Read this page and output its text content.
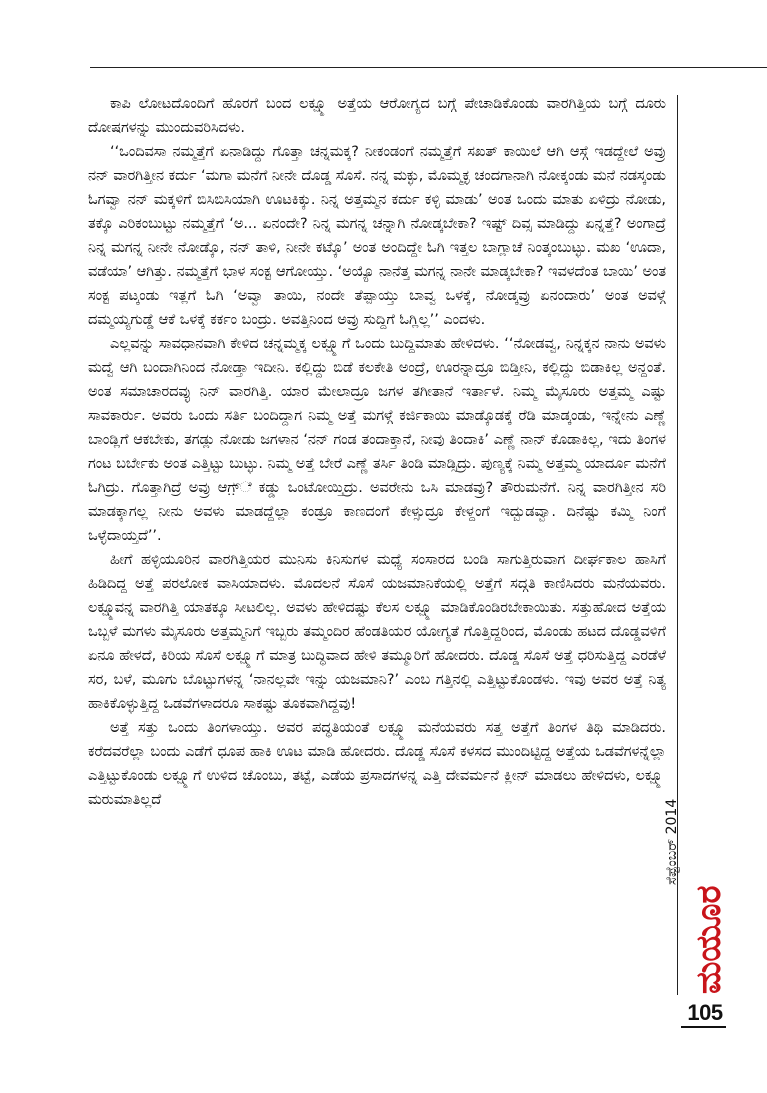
ಕಾಪಿ ಲೋಟದೊಂದಿಗೆ ಹೊರಗೆ ಬಂದ ಲಕ್ಷ್ಮೂ ಅತ್ತೆಯ ಆರೋಗ್ಯದ ಬಗ್ಗೆ ಪೇಚಾಡಿಕೊಂಡು ವಾರಗಿತ್ತಿಯ ಬಗ್ಗೆ ದೂರು ದೋಷಗಳನ್ನು ಮುಂದುವರಿಸಿದಳು.

‘‘ಒಂದಿವಸಾ ನಮ್ಮತ್ತೆಗೆ ಏನಾಡಿದ್ದು ಗೊತ್ತಾ ಚನ್ನಮಕ್ಕ? ನೀಕಂಡಂಗೆ ನಮ್ಮತ್ತೆಗೆ ಸಖತ್ ಕಾಯಿಲೆ ಆಗಿ ಆಸ್ಗೆ ಇಡದ್ದೇಲೆ ಅವ್ರು ನನ್ ವಾರಗಿತ್ತೀನ ಕರ್ದು ‘ಮಗಾ ಮನೆಗೆ ನೀನೇ ದೊಡ್ಡ ಸೊಸೆ. ನನ್ನ ಮಕ್ಳು, ಮೊಮ್ಮಕ್ಳ ಚಂದಗಾನಾಗಿ ನೋಕ್ಕಂಡು ಮನೆ ನಡಸ್ಕಂಡು ಓಗವ್ವಾ ನನ್ ಮಕ್ಕಳಿಗೆ ಬಿಸಿಬಿಸಿಯಾಗಿ ಊಟಕಿಕ್ಕು. ನಿನ್ನ ಅತ್ತಮ್ಮನ ಕರ್ದು ಕಳ್ಳಿ ಮಾಡು’ ಅಂತ ಒಂದು ಮಾತು ಏಳಿದ್ರು ನೋಡು, ತಕ್ಕೊ ಎರಿಕಂಬುಟ್ಟು ನಮ್ಮತ್ತೆಗೆ ‘ಅ... ಏನಂದೇ? ನಿನ್ನ ಮಗನ್ನ ಚನ್ನಾಗಿ ನೋಡ್ಕಬೇಕಾ? ಇಷ್ಟ್ ದಿವ್ಸ ಮಾಡಿದ್ದು ಏನ್ನತ್ತೆ? ಅಂಗಾದ್ರೆ ನಿನ್ನ ಮಗನ್ನ ನೀನೇ ನೋಡ್ಕೊ, ನನ್ ತಾಳಿ, ನೀನೇ ಕಟ್ಕೊ’ ಅಂತ ಅಂದಿದ್ದೇ ಓಗಿ ಇತ್ತಲ ಬಾಗ್ಲಾಚೆ ನಿಂತ್ಕಂಬುಟ್ಳು. ಮಖ ‘ಊದಾ, ವಡೆಯಾ’ ಆಗಿತ್ತು. ನಮ್ಮತ್ತೆಗೆ ಭಾಳ ಸಂಕ್ಟ ಆಗೋಯ್ತು. ‘ಅಯ್ಯೊ ನಾನೆತ್ತ ಮಗನ್ನ ನಾನೇ ಮಾಡ್ಕಬೇಕಾ? ಇವಳದೆಂತ ಬಾಯಿ’ ಅಂತ ಸಂಕ್ಟ ಪಟ್ಕಂಡು ಇತ್ಲಗೆ ಓಗಿ ‘ಅವ್ವಾ ತಾಯಿ, ನಂದೇ ತೆಪ್ಪಾಯ್ತು ಬಾವ್ವ ಒಳಕ್ಕೆ, ನೋಡ್ಕವ್ರು ಏನಂದಾರು’ ಅಂತ ಅವಳ್ಗೆ ದಮ್ಮಯ್ಯಗುಡ್ಡೆ ಆಕೆ ಒಳಕ್ಕೆ ಕರ್ಕಂ ಬಂದ್ರು. ಅವತ್ತಿನಿಂದ ಅವ್ರು ಸುದ್ದಿಗೆ ಓಗ್ಲಿಲ್ಲ’’ ಎಂದಳು.

ಎಲ್ಲವನ್ನು ಸಾವಧಾನವಾಗಿ ಕೇಳಿದ ಚನ್ನಮ್ಮಕ್ಕ ಲಕ್ಷ್ಮೂಗೆ ಒಂದು ಬುದ್ದಿಮಾತು ಹೇಳಿದಳು. ‘‘ನೋಡವ್ವ, ನಿನ್ನಕ್ಕನ ನಾನು ಅವಳು ಮದ್ವೆ ಆಗಿ ಬಂದಾಗಿನಿಂದ ನೋಡ್ತಾ ಇದೀನಿ. ಕಲ್ಲಿದ್ದು ಬಿಡೆ ಕಲಕೇತಿ ಅಂದ್ರೆ, ಊರನ್ನಾದ್ರೂ ಬಿಡ್ತೀನಿ, ಕಲ್ಲಿದ್ದು ಬಿಡಾಕಿಲ್ಲ ಅನ್ದಂತೆ. ಅಂತ ಸಮಾಚಾರದವ್ಳು ನಿನ್ ವಾರಗಿತ್ತಿ. ಯಾರ ಮೇಲಾದ್ರೂ ಜಗಳ ತಗೀತಾನೆ ಇರ್ತಾಳೆ. ನಿಮ್ಮ ಮೈಸೂರು ಅತ್ತಮ್ಮ ಎಷ್ಟು ಸಾವಕಾರ್ರು. ಅವರು ಒಂದು ಸರ್ತಿ ಬಂದಿದ್ದಾಗ ನಿಮ್ಮ ಅತ್ತೆ ಮಗಳ್ಗೆ ಕರ್ಜಿಕಾಯಿ ಮಾಡ್ಕೊಡಕ್ಕೆ ರೆಡಿ ಮಾಡ್ಕಂಡು, ಇನ್ನೇನು ಎಣ್ಣೆ ಬಾಂಡ್ಲಿಗೆ ಆಕಬೇಕು, ತಗಡ್ಲು ನೋಡು ಜಗಳಾನ ‘ನನ್ ಗಂಡ ತಂದಾಕ್ತಾನೆ, ನೀವು ತಿಂದಾಕಿ’ ಎಣ್ಣೆ ನಾನ್ ಕೊಡಾಕಿಲ್ಲ, ಇದು ತಿಂಗಳ ಗಂಟ ಬರ್ಬೇಕು ಅಂತ ಎತ್ತಿಟ್ಟು ಬುಟ್ಳು. ನಿಮ್ಮ ಅತ್ತೆ ಬೇರೆ ಎಣ್ಣೆ ತರ್ಸಿ ತಿಂಡಿ ಮಾಡ್ಸಿದ್ರು. ಪುಣ್ಯಕ್ಕೆ ನಿಮ್ಮ ಅತ್ತಮ್ಮ ಯಾರ್ದೂ ಮನೆಗೆ ಓಗಿದ್ರು. ಗೊತ್ತಾಗಿದ್ರೆ ಅವ್ರು ಆಗ಼್ೆ ಕಡ್ಡು ಒಂಟೋಯ್ತಿದ್ರು. ಅವರೇನು ಒಸಿ ಮಾಡವ್ರು? ತೌರುಮನೆಗೆ. ನಿನ್ನ ವಾರಗಿತ್ತೀನ ಸರಿ ಮಾಡಕ್ಕಾಗಲ್ಲ ನೀನು ಅವಳು ಮಾಡದ್ದೆಲ್ಲಾ ಕಂಡ್ರೂ ಕಾಣದಂಗೆ ಕೇಳ್ಸುದ್ರೂ ಕೇಳ್ದಂಗೆ ಇದ್ಬುಡವ್ವಾ. ದಿನೆಷ್ಟು ಕಮ್ಮಿ ನಿಂಗೆ ಒಳ್ಳೆದಾಯ್ತದೆ’’.

ಹೀಗೆ ಹಳ್ಳಿಯೂರಿನ ವಾರಗಿತ್ತಿಯರ ಮುನಿಸು ಕಿನಿಸುಗಳ ಮಧ್ಯೆ ಸಂಸಾರದ ಬಂಡಿ ಸಾಗುತ್ತಿರುವಾಗ ದೀರ್ಘಕಾಲ ಹಾಸಿಗೆ ಹಿಡಿದಿದ್ದ ಅತ್ತೆ ಪರಲೋಕ ವಾಸಿಯಾದಳು. ಮೊದಲನೆ ಸೊಸೆ ಯಜಮಾನಿಕೆಯಲ್ಲಿ ಅತ್ತೆಗೆ ಸದ್ಗತಿ ಕಾಣಿಸಿದರು ಮನೆಯವರು. ಲಕ್ಷ್ಮೂವನ್ನ ವಾರಗಿತ್ತಿ ಯಾತಕ್ಕೂ ಸೀಟಲಿಲ್ಲ. ಅವಳು ಹೇಳಿದಷ್ಟು ಕೆಲಸ ಲಕ್ಷ್ಮೂ ಮಾಡಿಕೊಂಡಿರಬೇಕಾಯಿತು. ಸತ್ತುಹೋದ ಅತ್ತೆಯ ಒಬ್ಬಳೆ ಮಗಳು ಮೈಸೂರು ಅತ್ತಮ್ಮನಿಗೆ ಇಬ್ಬರು ತಮ್ಮಂದಿರ ಹೆಂಡತಿಯರ ಯೋಗ್ಯತೆ ಗೊತ್ತಿದ್ದರಿಂದ, ಮೊಂಡು ಹಟದ ದೊಡ್ಡವಳಿಗೆ ಏನೂ ಹೇಳದೆ, ಕಿರಿಯ ಸೊಸೆ ಲಕ್ಷ್ಮೂಗೆ ಮಾತ್ರ ಬುದ್ಧಿವಾದ ಹೇಳಿ ತಮ್ಮೂರಿಗೆ ಹೋದರು. ದೊಡ್ಡ ಸೊಸೆ ಅತ್ತೆ ಧರಿಸುತ್ತಿದ್ದ ಎರಡೆಳೆ ಸರ, ಬಳೆ, ಮೂಗು ಬೊಟ್ಟುಗಳನ್ನ ‘ನಾನಲ್ಲವೇ ಇನ್ನು ಯಜಮಾನಿ?’ ಎಂಬ ಗತ್ತಿನಲ್ಲಿ ಎತ್ತಿಟ್ಟುಕೊಂಡಳು. ಇವು ಅವರ ಅತ್ತೆ ನಿತ್ಯ ಹಾಕಿಕೊಳ್ಳುತ್ತಿದ್ದ ಒಡವೆಗಳಾದರೂ ಸಾಕಷ್ಟು ತೂಕವಾಗಿದ್ದವು!

ಅತ್ತೆ ಸತ್ತು ಒಂದು ತಿಂಗಳಾಯ್ತು. ಅವರ ಪದ್ಧತಿಯಂತೆ ಲಕ್ಷ್ಮೂ ಮನೆಯವರು ಸತ್ತ ಅತ್ತೆಗೆ ತಿಂಗಳ ತಿಥಿ ಮಾಡಿದರು. ಕರೆದವರೆಲ್ಲಾ ಬಂದು ಎಡೆಗೆ ಧೂಪ ಹಾಕಿ ಊಟ ಮಾಡಿ ಹೋದರು. ದೊಡ್ಡ ಸೊಸೆ ಕಳಸದ ಮುಂದಿಟ್ಟಿದ್ದ ಅತ್ತೆಯ ಒಡವೆಗಳನ್ನೆಲ್ಲಾ ಎತ್ತಿಟ್ಟುಕೊಂಡು ಲಕ್ಷ್ಮೂಗೆ ಉಳಿದ ಚೊಂಬು, ತಟ್ಟೆ, ಎಡೆಯ ಪ್ರಸಾದಗಳನ್ನ ಎತ್ತಿ ದೇವರ್ಮನೆ ಕ್ಲೀನ್ ಮಾಡಲು ಹೇಳಿದಳು, ಲಕ್ಷ್ಮೂ ಮರುಮಾತಿಲ್ಲದೆ	ಸೆಪ್ಟೆಂಬರ್ 2014
ಮಯೂರ
105
